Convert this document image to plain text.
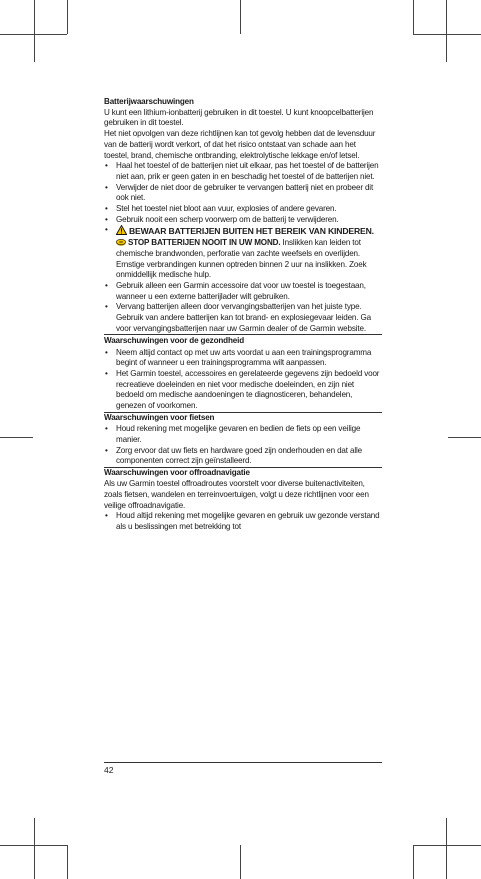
Batterijwaarschuwingen

U kunt een lithium-ionbatterij gebruiken in dit toestel. U kunt knoopcelbatterijen gebruiken in dit toestel.

Het niet opvolgen van deze richtlijnen kan tot gevolg hebben dat de levensduur van de batterij wordt verkort, of dat het risico ontstaat van schade aan het toestel, brand, chemische ontbranding, elektrolytische lekkage en/of letsel.

• Haal het toestel of de batterijen niet uit elkaar, pas het toestel of de batterijen niet aan, prik er geen gaten in en beschadig het toestel of de batterijen niet.
• Verwijder de niet door de gebruiker te vervangen batterij niet en probeer dit ook niet.
• Stel het toestel niet bloot aan vuur, explosies of andere gevaren.
• Gebruik nooit een scherp voorwerp om de batterij te verwijderen.
• BEWAAR BATTERIJEN BUITEN HET BEREIK VAN KINDEREN.
STOP BATTERIJEN NOOIT IN UW MOND. Inslikken kan leiden tot chemische brandwonden, perforatie van zachte weefsels en overlijden. Ernstige verbrandingen kunnen optreden binnen 2 uur na inslikken. Zoek onmiddellijk medische hulp.
• Gebruik alleen een Garmin accessoire dat voor uw toestel is toegestaan, wanneer u een externe batterijlader wilt gebruiken.
• Vervang batterijen alleen door vervangingsbatterijen van het juiste type. Gebruik van andere batterijen kan tot brand- en explosiegevaar leiden. Ga voor vervangingsbatterijen naar uw Garmin dealer of de Garmin website.

Waarschuwingen voor de gezondheid

• Neem altijd contact op met uw arts voordat u aan een trainingsprogramma begint of wanneer u een trainingsprogramma wilt aanpassen.
• Het Garmin toestel, accessoires en gerelateerde gegevens zijn bedoeld voor recreatieve doeleinden en niet voor medische doeleinden, en zijn niet bedoeld om medische aandoeningen te diagnosticeren, behandelen, genezen of voorkomen.

Waarschuwingen voor fietsen

• Houd rekening met mogelijke gevaren en bedien de fiets op een veilige manier.
• Zorg ervoor dat uw fiets en hardware goed zijn onderhouden en dat alle componenten correct zijn geïnstalleerd.

Waarschuwingen voor offroadnavigatie

Als uw Garmin toestel offroadroutes voorstelt voor diverse buitenactiviteiten, zoals fietsen, wandelen en terreinvoertuigen, volgt u deze richtlijnen voor een veilige offroadnavigatie.

• Houd altijd rekening met mogelijke gevaren en gebruik uw gezonde verstand als u beslissingen met betrekking tot
42
